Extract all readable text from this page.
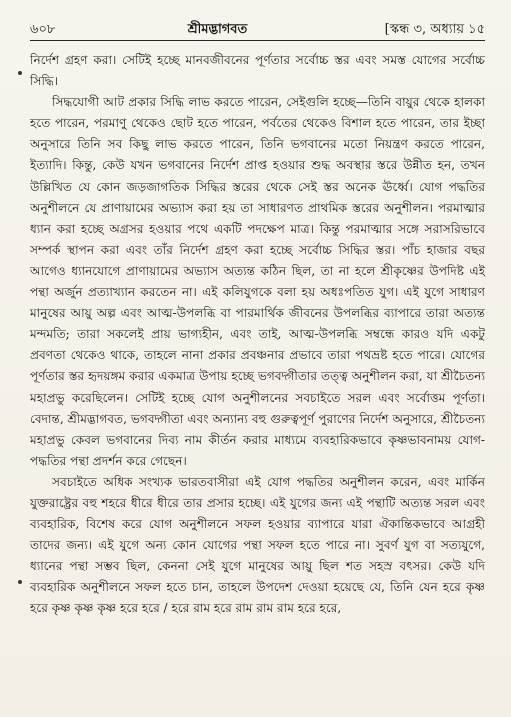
৬০৮	শ্রীমদ্ভাগবত	[স্কন্ধ ৩, অধ্যায় ১৫

নির্দেশ গ্রহণ করা। সেটিই হচ্ছে মানবজীবনের পূর্ণতার সর্বোচ্চ স্তর এবং সমস্ত যোগের সর্বোচ্চ সিদ্ধি।

সিদ্ধযোগী আট প্রকার সিদ্ধি লাভ করতে পারেন, সেইগুলি হচ্ছে—তিনি বায়ুর থেকে হালকা হতে পারেন, পরমাণু থেকেও ছোট হতে পারেন, পর্বতের থেকেও বিশাল হতে পারেন, তার ইচ্ছা অনুসারে তিনি সব কিছু লাভ করতে পারেন, তিনি ভগবানের মতো নিয়ন্ত্রণ করতে পারেন, ইত্যাদি। কিন্তু, কেউ যখন ভগবানের নির্দেশ প্রাপ্ত হওয়ার শুদ্ধ অবস্থার স্তরে উন্নীত হন, তখন উল্লিখিত যে কোন জড়জাগতিক সিদ্ধির স্তরের থেকে সেই স্তর অনেক ঊর্ধ্বে। যোগ পদ্ধতির অনুশীলনে যে প্রাণায়ামের অভ্যাস করা হয় তা সাধারণত প্রাথমিক স্তরের অনুশীলন। পরমাত্মার ধ্যান করা হচ্ছে অগ্রসর হওয়ার পথে একটি পদক্ষেপ মাত্র। কিন্তু পরমাত্মার সঙ্গে সরাসরিভাবে সম্পর্ক স্থাপন করা এবং তাঁর নির্দেশ গ্রহণ করা হচ্ছে সর্বোচ্চ সিদ্ধির স্তর। পাঁচ হাজার বছর আগেও ধ্যানযোগে প্রাণায়ামের অভ্যাস অত্যন্ত কঠিন ছিল, তা না হলে শ্রীকৃষ্ণের উপদিষ্ট এই পন্থা অর্জুন প্রত্যাখ্যান করতেন না। এই কলিযুগকে বলা হয় অধঃপতিত যুগ। এই যুগে সাধারণ মানুষের আয়ু অল্প এবং আত্ম-উপলব্ধি বা পারমার্থিক জীবনের উপলব্ধির ব্যাপারে তারা অত্যন্ত মন্দমতি; তারা সকলেই প্রায় ভাগ্যহীন, এবং তাই, আত্ম-উপলব্ধি সম্বন্ধে কারও যদি একটু প্রবণতা থেকেও থাকে, তাহলে নানা প্রকার প্রবঞ্চনার প্রভাবে তারা পথভ্রষ্ট হতে পারে। যোগের পূর্ণতার স্তর হৃদয়ঙ্গম করার একমাত্র উপায় হচ্ছে ভগবদ্গীতার তত্ত্ব অনুশীলন করা, যা শ্রীচৈতন্য মহাপ্রভু করেছিলেন। সেটিই হচ্ছে যোগ অনুশীলনের সবচাইতে সরল এবং সর্বোত্তম পূর্ণতা। বেদান্ত, শ্রীমদ্ভাগবত, ভগবদ্গীতা এবং অন্যান্য বহু গুরুত্বপূর্ণ পুরাণের নির্দেশ অনুসারে, শ্রীচৈতন্য মহাপ্রভু কেবল ভগবানের দিব্য নাম কীর্তন করার মাধ্যমে ব্যবহারিকভাবে কৃষ্ণভাবনাময় যোগ-পদ্ধতির পন্থা প্রদর্শন করে গেছেন।

সবচাইতে অধিক সংখ্যক ভারতবাসীরা এই যোগ পদ্ধতির অনুশীলন করেন, এবং মার্কিন যুক্তরাষ্ট্রের বহু শহরে ধীরে ধীরে তার প্রসার হচ্ছে। এই যুগের জন্য এই পন্থাটি অত্যন্ত সরল এবং ব্যবহারিক, বিশেষ করে যোগ অনুশীলনে সফল হওয়ার ব্যাপারে যারা ঐকান্তিকভাবে আগ্রহী তাদের জন্য। এই যুগে অন্য কোন যোগের পন্থা সফল হতে পারে না। সুবর্ণ যুগ বা সত্যযুগে, ধ্যানের পন্থা সম্ভব ছিল, কেননা সেই যুগে মানুষের আয়ু ছিল শত সহস্র বৎসর। কেউ যদি ব্যবহারিক অনুশীলনে সফল হতে চান, তাহলে উপদেশ দেওয়া হয়েছে যে, তিনি যেন হরে কৃষ্ণ হরে কৃষ্ণ কৃষ্ণ কৃষ্ণ হরে হরে / হরে রাম হরে রাম রাম রাম হরে হরে,
